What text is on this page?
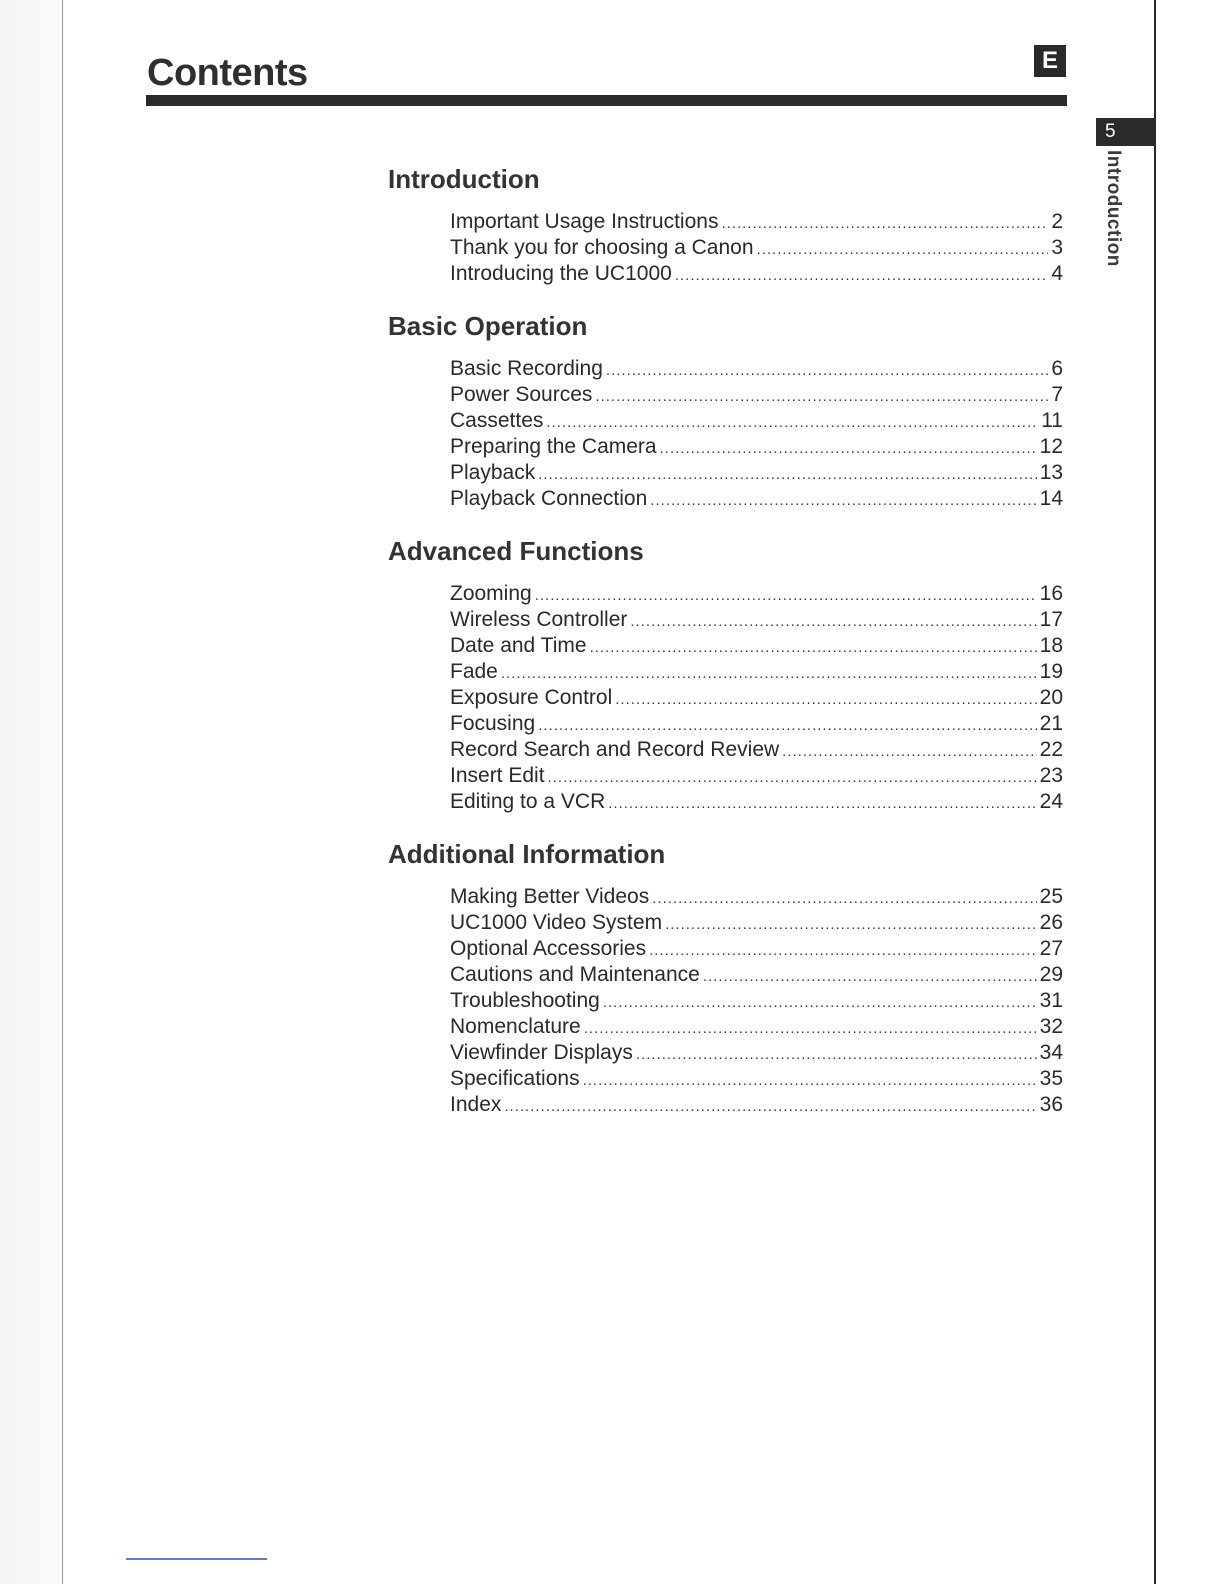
Contents	E
5
Introduction
Introduction
Important Usage Instructions .....	2
Thank you for choosing a Canon .....	3
Introducing the UC1000 .....	4
Basic Operation
Basic Recording .....	6
Power Sources .....	7
Cassettes .....	11
Preparing the Camera .....	12
Playback .....	13
Playback Connection .....	14
Advanced Functions
Zooming .....	16
Wireless Controller .....	17
Date and Time .....	18
Fade .....	19
Exposure Control .....	20
Focusing .....	21
Record Search and Record Review .....	22
Insert Edit .....	23
Editing to a VCR .....	24
Additional Information
Making Better Videos .....	25
UC1000 Video System .....	26
Optional Accessories .....	27
Cautions and Maintenance .....	29
Troubleshooting .....	31
Nomenclature .....	32
Viewfinder Displays .....	34
Specifications .....	35
Index .....	36
